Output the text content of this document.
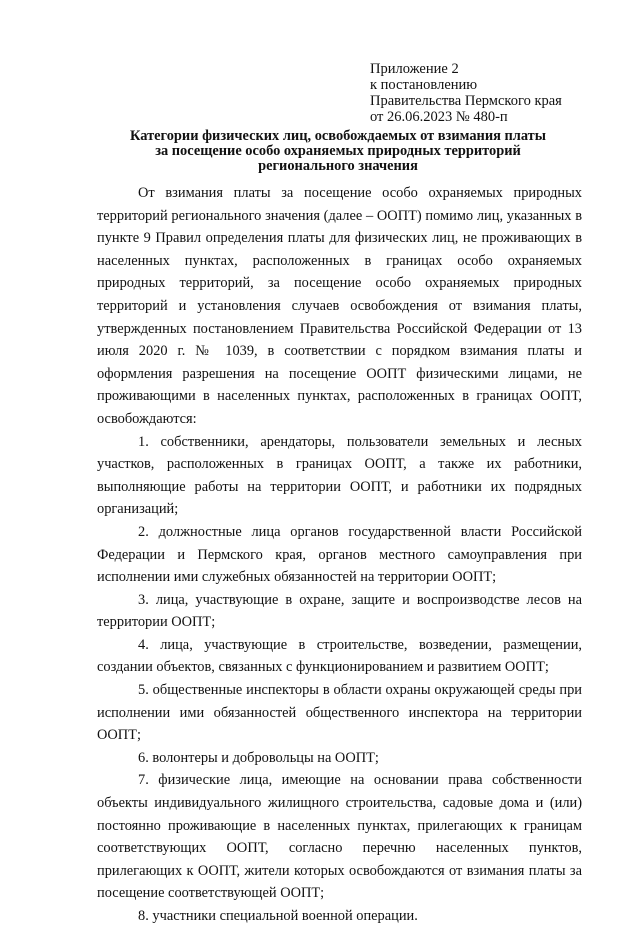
Приложение 2
к постановлению
Правительства Пермского края
от 26.06.2023 № 480-п
Категории физических лиц, освобождаемых от взимания платы
за посещение особо охраняемых природных территорий
регионального значения

От взимания платы за посещение особо охраняемых природных территорий регионального значения (далее – ООПТ) помимо лиц, указанных в пункте 9 Правил определения платы для физических лиц, не проживающих в населенных пунктах, расположенных в границах особо охраняемых природных территорий, за посещение особо охраняемых природных территорий и установления случаев освобождения от взимания платы, утвержденных постановлением Правительства Российской Федерации от 13 июля 2020 г. № 1039, в соответствии с порядком взимания платы и оформления разрешения на посещение ООПТ физическими лицами, не проживающими в населенных пунктах, расположенных в границах ООПТ, освобождаются:

1. собственники, арендаторы, пользователи земельных и лесных участков, расположенных в границах ООПТ, а также их работники, выполняющие работы на территории ООПТ, и работники их подрядных организаций;

2. должностные лица органов государственной власти Российской Федерации и Пермского края, органов местного самоуправления при исполнении ими служебных обязанностей на территории ООПТ;

3. лица, участвующие в охране, защите и воспроизводстве лесов на территории ООПТ;

4. лица, участвующие в строительстве, возведении, размещении, создании объектов, связанных с функционированием и развитием ООПТ;

5. общественные инспекторы в области охраны окружающей среды при исполнении ими обязанностей общественного инспектора на территории ООПТ;

6. волонтеры и добровольцы на ООПТ;

7. физические лица, имеющие на основании права собственности объекты индивидуального жилищного строительства, садовые дома и (или) постоянно проживающие в населенных пунктах, прилегающих к границам соответствующих ООПТ, согласно перечню населенных пунктов, прилегающих к ООПТ, жители которых освобождаются от взимания платы за посещение соответствующей ООПТ;

8. участники специальной военной операции.
